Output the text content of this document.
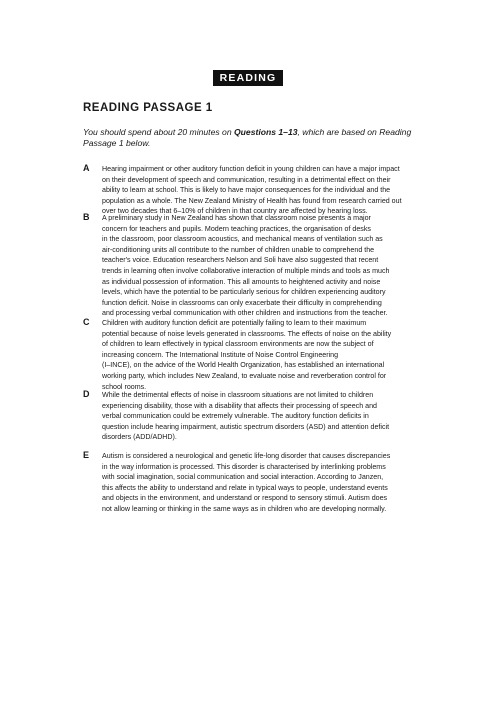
READING
READING PASSAGE 1

You should spend about 20 minutes on Questions 1–13, which are based on Reading
Passage 1 below.

A	Hearing impairment or other auditory function deficit in young children can have a major impact
on their development of speech and communication, resulting in a detrimental effect on their
ability to learn at school. This is likely to have major consequences for the individual and the
population as a whole. The New Zealand Ministry of Health has found from research carried out
over two decades that 6–10% of children in that country are affected by hearing loss.
B	A preliminary study in New Zealand has shown that classroom noise presents a major
concern for teachers and pupils. Modern teaching practices, the organisation of desks
in the classroom, poor classroom acoustics, and mechanical means of ventilation such as
air-conditioning units all contribute to the number of children unable to comprehend the
teacher's voice. Education researchers Nelson and Soli have also suggested that recent
trends in learning often involve collaborative interaction of multiple minds and tools as much
as individual possession of information. This all amounts to heightened activity and noise
levels, which have the potential to be particularly serious for children experiencing auditory
function deficit. Noise in classrooms can only exacerbate their difficulty in comprehending
and processing verbal communication with other children and instructions from the teacher.
C	Children with auditory function deficit are potentially failing to learn to their maximum
potential because of noise levels generated in classrooms. The effects of noise on the ability
of children to learn effectively in typical classroom environments are now the subject of
increasing concern. The International Institute of Noise Control Engineering
(I–INCE), on the advice of the World Health Organization, has established an international
working party, which includes New Zealand, to evaluate noise and reverberation control for
school rooms.
D	While the detrimental effects of noise in classroom situations are not limited to children
experiencing disability, those with a disability that affects their processing of speech and
verbal communication could be extremely vulnerable. The auditory function deficits in
question include hearing impairment, autistic spectrum disorders (ASD) and attention deficit
disorders (ADD/ADHD).
E	Autism is considered a neurological and genetic life-long disorder that causes discrepancies
in the way information is processed. This disorder is characterised by interlinking problems
with social imagination, social communication and social interaction. According to Janzen,
this affects the ability to understand and relate in typical ways to people, understand events
and objects in the environment, and understand or respond to sensory stimuli. Autism does
not allow learning or thinking in the same ways as in children who are developing normally.
